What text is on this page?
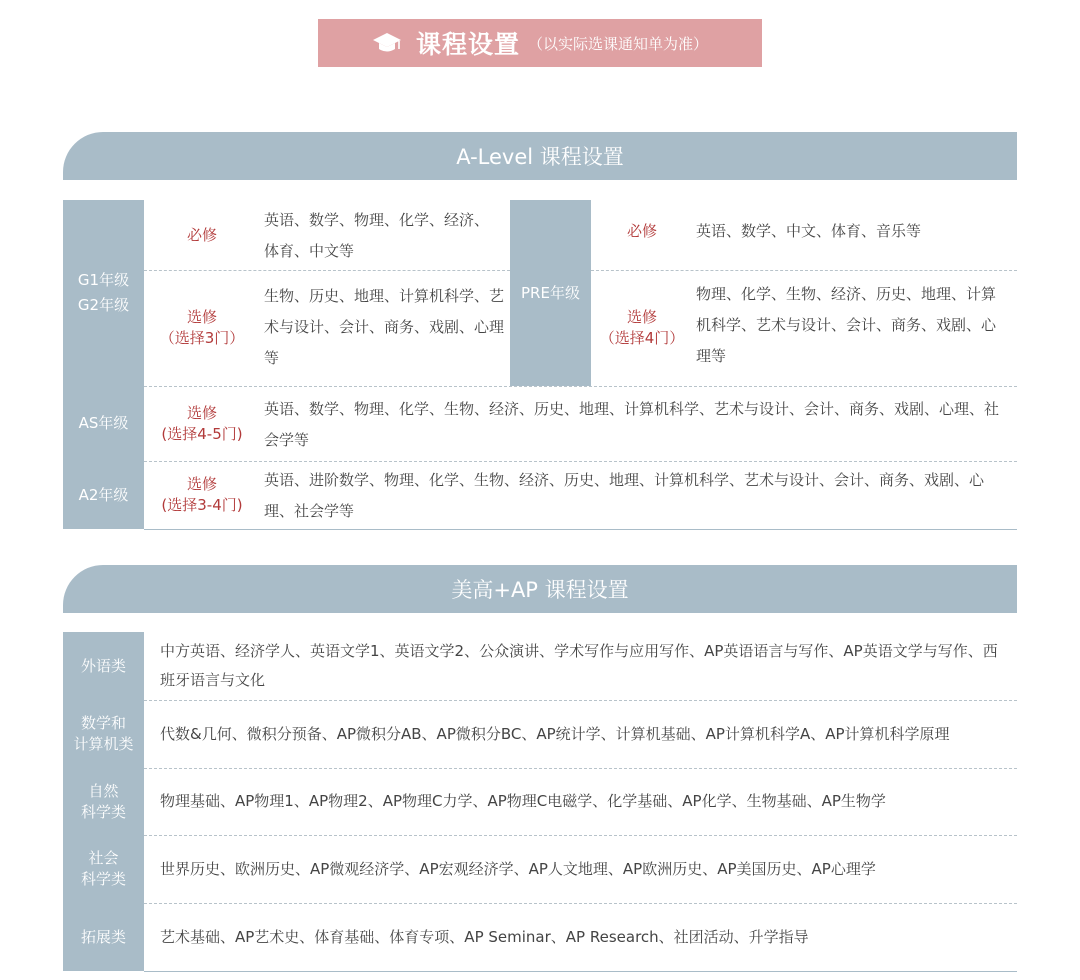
课程设置 （以实际选课通知单为准）
A-Level 课程设置
G1年级
G2年级
必修
英语、数学、物理、化学、经济、体育、中文等
选修
（选择3门）
生物、历史、地理、计算机科学、艺术与设计、会计、商务、戏剧、心理等
PRE年级
必修	英语、数学、中文、体育、音乐等
选修
（选择4门）
物理、化学、生物、经济、历史、地理、计算机科学、艺术与设计、会计、商务、戏剧、心理等
AS年级
选修
(选择4-5门)
英语、数学、物理、化学、生物、经济、历史、地理、计算机科学、艺术与设计、会计、商务、戏剧、心理、社会学等
A2年级
选修
(选择3-4门)
英语、进阶数学、物理、化学、生物、经济、历史、地理、计算机科学、艺术与设计、会计、商务、戏剧、心理、社会学等
美高+AP 课程设置
外语类
中方英语、经济学人、英语文学1、英语文学2、公众演讲、学术写作与应用写作、AP英语语言与写作、AP英语文学与写作、西班牙语言与文化
数学和
计算机类
代数&几何、微积分预备、AP微积分AB、AP微积分BC、AP统计学、计算机基础、AP计算机科学A、AP计算机科学原理
自然
科学类
物理基础、AP物理1、AP物理2、AP物理C力学、AP物理C电磁学、化学基础、AP化学、生物基础、AP生物学
社会
科学类
世界历史、欧洲历史、AP微观经济学、AP宏观经济学、AP人文地理、AP欧洲历史、AP美国历史、AP心理学
拓展类 艺术基础、AP艺术史、体育基础、体育专项、AP Seminar、AP Research、社团活动、升学指导
